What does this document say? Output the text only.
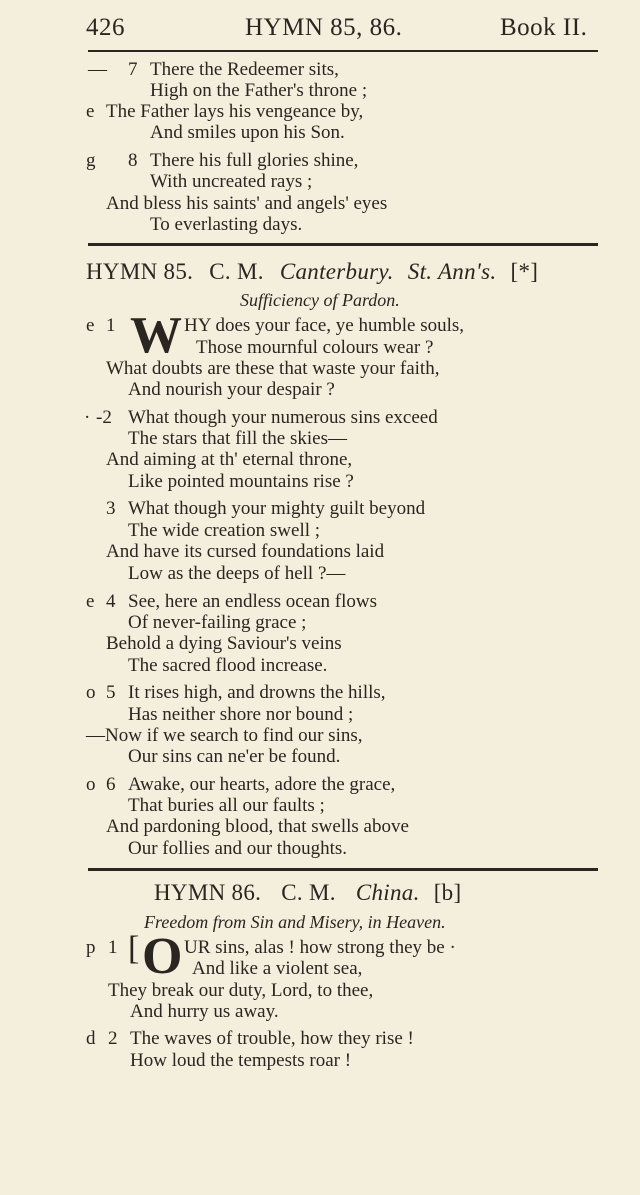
426	HYMN 85, 86.	Book II.
— 7 There the Redeemer sits,
High on the Father's throne ;
e The Father lays his vengeance by,
And smiles upon his Son.
g 8 There his full glories shine,
With uncreated rays ;
And bless his saints' and angels' eyes
To everlasting days.
HYMN 85. C. M. Canterbury. St. Ann's. [*]
Sufficiency of Pardon.
e 1 W HY does your face, ye humble souls,
Those mournful colours wear ?
What doubts are these that waste your faith,
And nourish your despair ?
· -2 What though your numerous sins exceed
The stars that fill the skies—
And aiming at th' eternal throne,
Like pointed mountains rise ?
3 What though your mighty guilt beyond
The wide creation swell ;
And have its cursed foundations laid
Low as the deeps of hell ?—
e 4 See, here an endless ocean flows
Of never-failing grace ;
Behold a dying Saviour's veins
The sacred flood increase.
o 5 It rises high, and drowns the hills,
Has neither shore nor bound ;
—Now if we search to find our sins,
Our sins can ne'er be found.
o 6 Awake, our hearts, adore the grace,
That buries all our faults ;
And pardoning blood, that swells above
Our follies and our thoughts.
HYMN 86. C. M. China. [b]
Freedom from Sin and Misery, in Heaven.
p 1 [ O UR sins, alas ! how strong they be ·
And like a violent sea,
They break our duty, Lord, to thee,
And hurry us away.
d 2 The waves of trouble, how they rise !
How loud the tempests roar !
